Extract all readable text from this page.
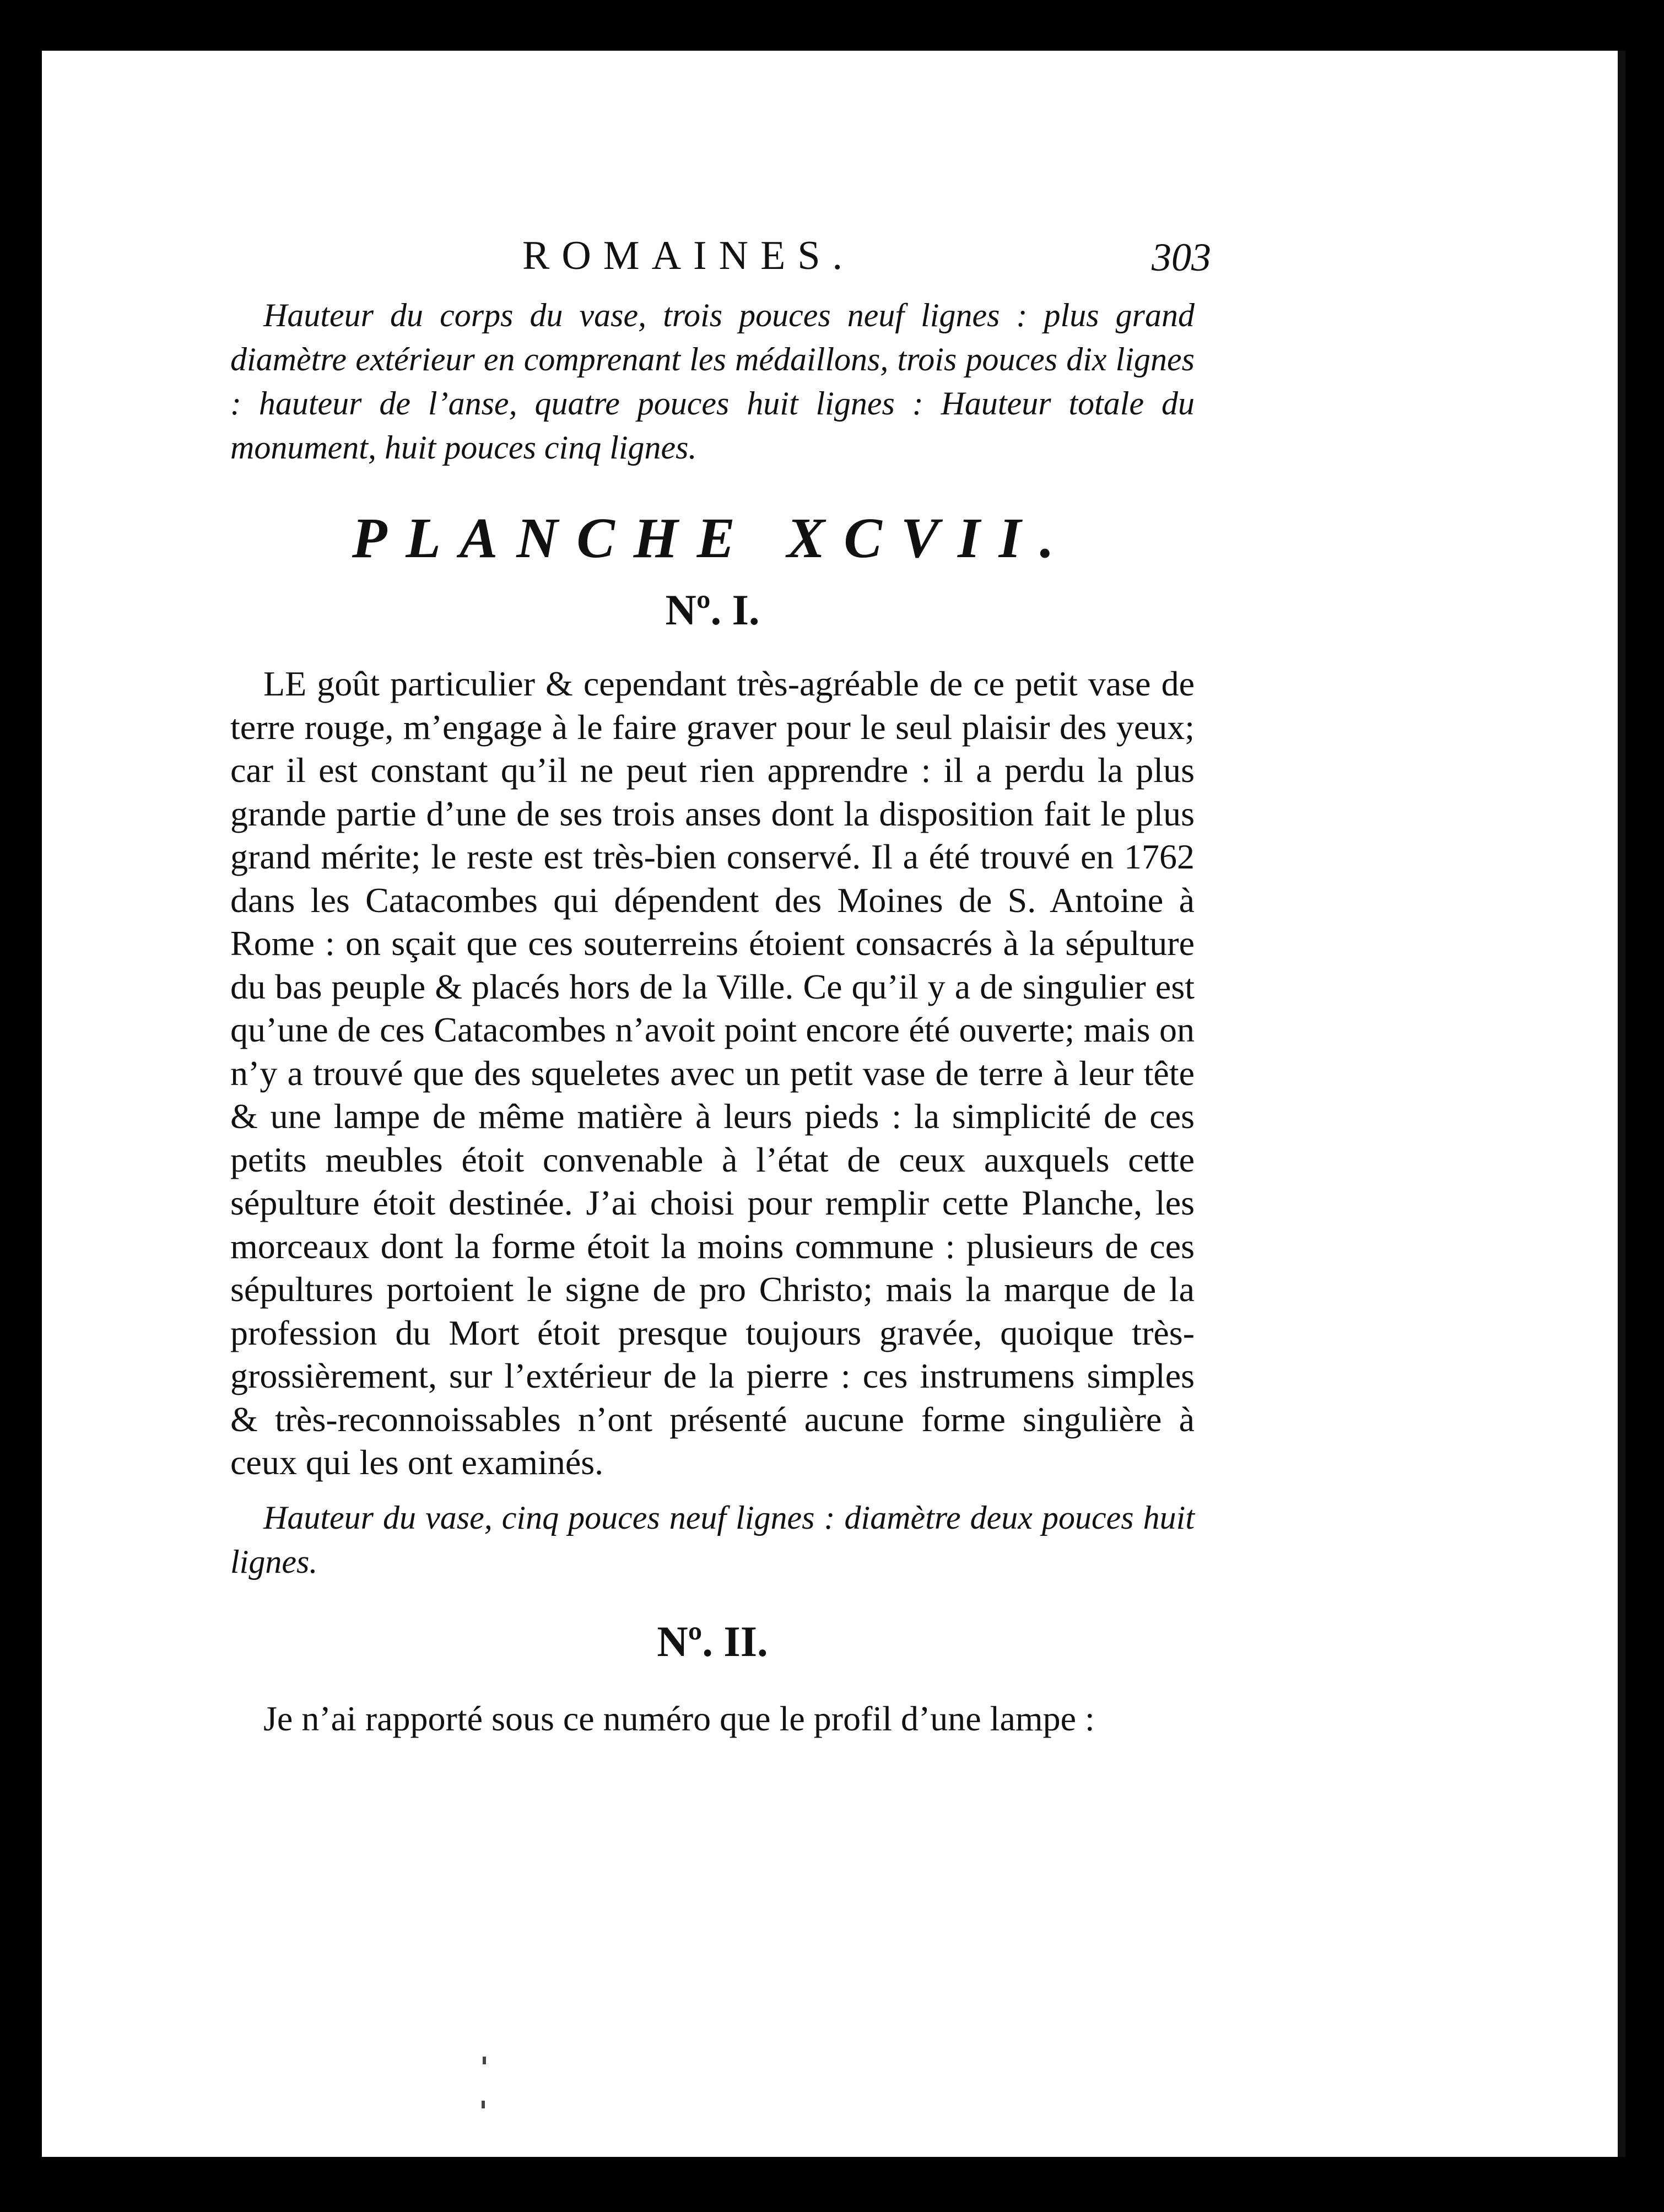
ROMAINES.	303

Hauteur du corps du vase, trois pouces neuf lignes : plus grand diamètre extérieur en comprenant les médaillons, trois pouces dix lignes : hauteur de l’anse, quatre pouces huit lignes : Hauteur totale du monument, huit pouces cinq lignes.

PLANCHE XCVII.
Nº. I.

LE goût particulier & cependant très-agréable de ce petit vase de terre rouge, m’engage à le faire graver pour le seul plaisir des yeux; car il est constant qu’il ne peut rien apprendre : il a perdu la plus grande partie d’une de ses trois anses dont la disposition fait le plus grand mérite; le reste est très-bien conservé. Il a été trouvé en 1762 dans les Catacombes qui dépendent des Moines de S. Antoine à Rome : on sçait que ces souterreins étoient consacrés à la sépulture du bas peuple & placés hors de la Ville. Ce qu’il y a de singulier est qu’une de ces Catacombes n’avoit point encore été ouverte; mais on n’y a trouvé que des squeletes avec un petit vase de terre à leur tête & une lampe de même matière à leurs pieds : la simplicité de ces petits meubles étoit convenable à l’état de ceux auxquels cette sépulture étoit destinée. J’ai choisi pour remplir cette Planche, les morceaux dont la forme étoit la moins commune : plusieurs de ces sépultures portoient le signe de pro Christo; mais la marque de la profession du Mort étoit presque toujours gravée, quoique très-grossièrement, sur l’extérieur de la pierre : ces instrumens simples & très-reconnoissables n’ont présenté aucune forme singulière à ceux qui les ont examinés.

Hauteur du vase, cinq pouces neuf lignes : diamètre deux pouces huit lignes.

Nº. II.

Je n’ai rapporté sous ce numéro que le profil d’une lampe :
